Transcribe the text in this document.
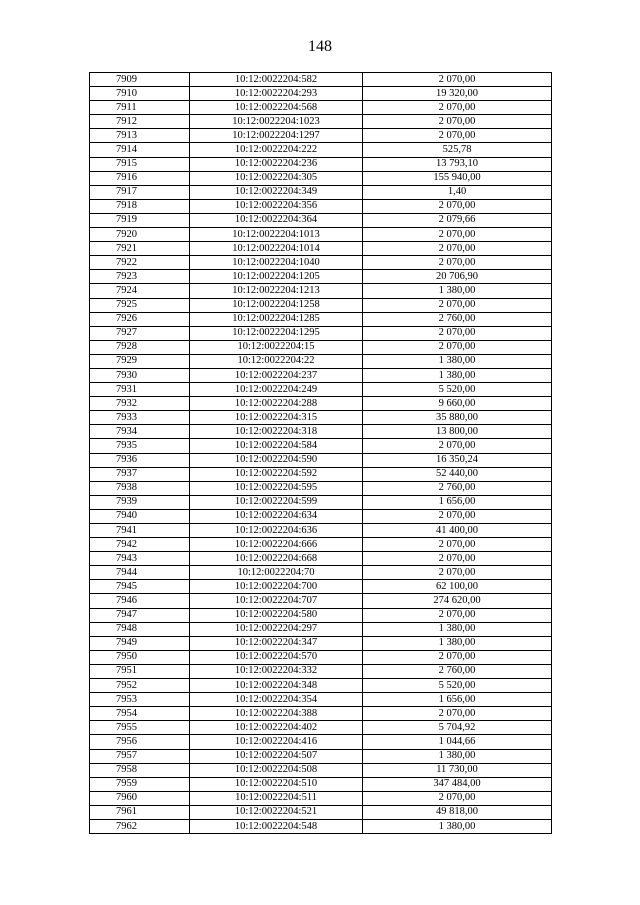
148
7909	10:12:0022204:582	2 070,00
7910	10:12:0022204:293	19 320,00
7911	10:12:0022204:568	2 070,00
7912	10:12:0022204:1023	2 070,00
7913	10:12:0022204:1297	2 070,00
7914	10:12:0022204:222	525,78
7915	10:12:0022204:236	13 793,10
7916	10:12:0022204:305	155 940,00
7917	10:12:0022204:349	1,40
7918	10:12:0022204:356	2 070,00
7919	10:12:0022204:364	2 079,66
7920	10:12:0022204:1013	2 070,00
7921	10:12:0022204:1014	2 070,00
7922	10:12:0022204:1040	2 070,00
7923	10:12:0022204:1205	20 706,90
7924	10:12:0022204:1213	1 380,00
7925	10:12:0022204:1258	2 070,00
7926	10:12:0022204:1285	2 760,00
7927	10:12:0022204:1295	2 070,00
7928	10:12:0022204:15	2 070,00
7929	10:12:0022204:22	1 380,00
7930	10:12:0022204:237	1 380,00
7931	10:12:0022204:249	5 520,00
7932	10:12:0022204:288	9 660,00
7933	10:12:0022204:315	35 880,00
7934	10:12:0022204:318	13 800,00
7935	10:12:0022204:584	2 070,00
7936	10:12:0022204:590	16 350,24
7937	10:12:0022204:592	52 440,00
7938	10:12:0022204:595	2 760,00
7939	10:12:0022204:599	1 656,00
7940	10:12:0022204:634	2 070,00
7941	10:12:0022204:636	41 400,00
7942	10:12:0022204:666	2 070,00
7943	10:12:0022204:668	2 070,00
7944	10:12:0022204:70	2 070,00
7945	10:12:0022204:700	62 100,00
7946	10:12:0022204:707	274 620,00
7947	10:12:0022204:580	2 070,00
7948	10:12:0022204:297	1 380,00
7949	10:12:0022204:347	1 380,00
7950	10:12:0022204:570	2 070,00
7951	10:12:0022204:332	2 760,00
7952	10:12:0022204:348	5 520,00
7953	10:12:0022204:354	1 656,00
7954	10:12:0022204:388	2 070,00
7955	10:12:0022204:402	5 704,92
7956	10:12:0022204:416	1 044,66
7957	10:12:0022204:507	1 380,00
7958	10:12:0022204:508	11 730,00
7959	10:12:0022204:510	347 484,00
7960	10:12:0022204:511	2 070,00
7961	10:12:0022204:521	49 818,00
7962	10:12:0022204:548	1 380,00
